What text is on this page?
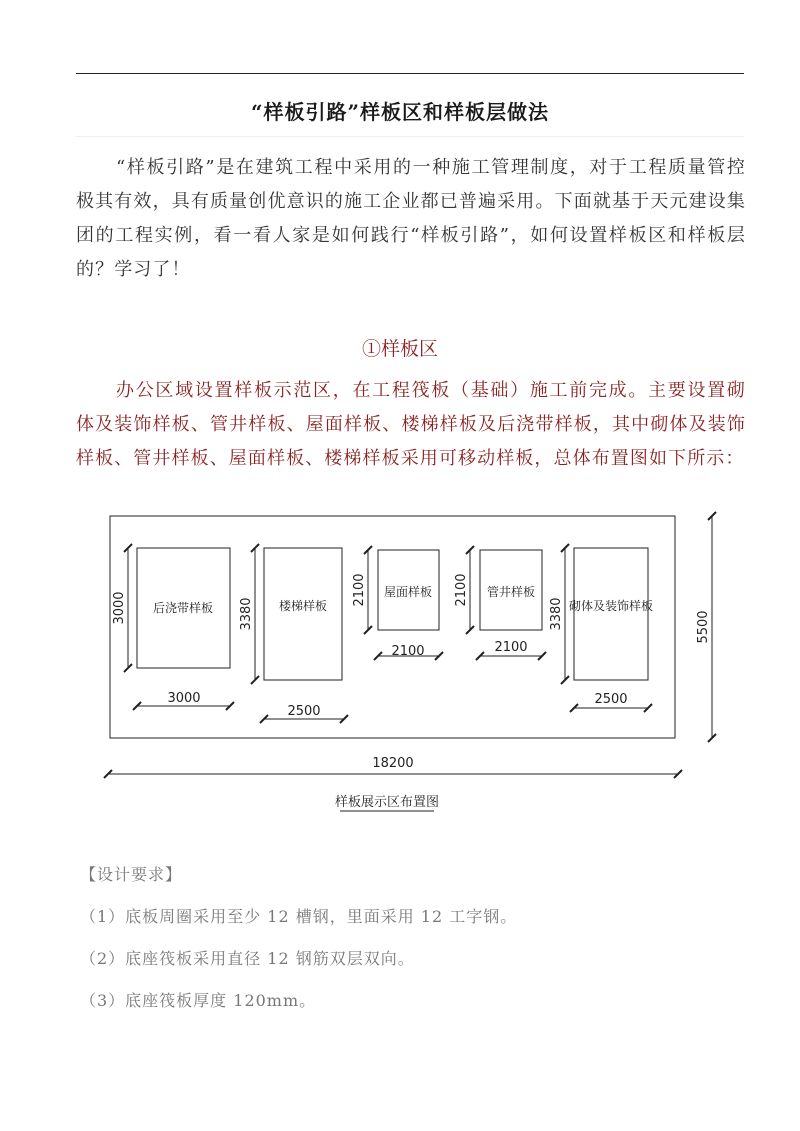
“样板引路”样板区和样板层做法
“样板引路”是在建筑工程中采用的一种施工管理制度，对于工程质量管控极其有效，具有质量创优意识的施工企业都已普遍采用。下面就基于天元建设集团的工程实例，看一看人家是如何践行“样板引路”，如何设置样板区和样板层的？学习了！
①样板区
办公区域设置样板示范区，在工程筏板（基础）施工前完成。主要设置砌体及装饰样板、管井样板、屋面样板、楼梯样板及后浇带样板，其中砌体及装饰样板、管井样板、屋面样板、楼梯样板采用可移动样板，总体布置图如下所示：
后浇带样板	楼梯样板
屋面样板	管井样板
砌体及装饰样板
3000
2500
2100	2100
2500
18200
3000	3380
2100	2100
3380	5500
样板展示区布置图
【设计要求】
（1）底板周圈采用至少 12 槽钢，里面采用 12 工字钢。
（2）底座筏板采用直径 12 钢筋双层双向。
（3）底座筏板厚度 120mm。
